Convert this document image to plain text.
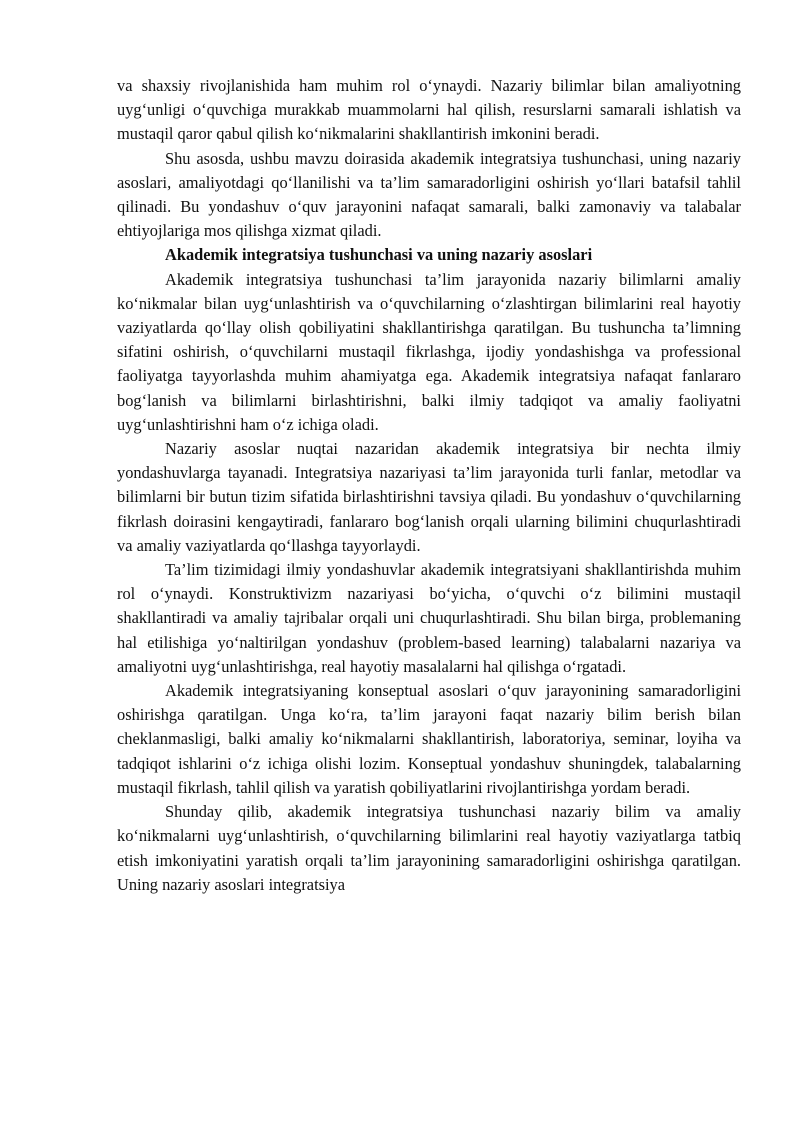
va shaxsiy rivojlanishida ham muhim rol o‘ynaydi. Nazariy bilimlar bilan amaliyotning uyg‘unligi o‘quvchiga murakkab muammolarni hal qilish, resurslarni samarali ishlatish va mustaqil qaror qabul qilish ko‘nikmalarini shakllantirish imkonini beradi.

Shu asosda, ushbu mavzu doirasida akademik integratsiya tushunchasi, uning nazariy asoslari, amaliyotdagi qo‘llanilishi va ta’lim samaradorligini oshirish yo‘llari batafsil tahlil qilinadi. Bu yondashuv o‘quv jarayonini nafaqat samarali, balki zamonaviy va talabalar ehtiyojlariga mos qilishga xizmat qiladi.

Akademik integratsiya tushunchasi va uning nazariy asoslari

Akademik integratsiya tushunchasi ta’lim jarayonida nazariy bilimlarni amaliy ko‘nikmalar bilan uyg‘unlashtirish va o‘quvchilarning o‘zlashtirgan bilimlarini real hayotiy vaziyatlarda qo‘llay olish qobiliyatini shakllantirishga qaratilgan. Bu tushuncha ta’limning sifatini oshirish, o‘quvchilarni mustaqil fikrlashga, ijodiy yondashishga va professional faoliyatga tayyorlashda muhim ahamiyatga ega. Akademik integratsiya nafaqat fanlararo bog‘lanish va bilimlarni birlashtirishni, balki ilmiy tadqiqot va amaliy faoliyatni uyg‘unlashtirishni ham o‘z ichiga oladi.

Nazariy asoslar nuqtai nazaridan akademik integratsiya bir nechta ilmiy yondashuvlarga tayanadi. Integratsiya nazariyasi ta’lim jarayonida turli fanlar, metodlar va bilimlarni bir butun tizim sifatida birlashtirishni tavsiya qiladi. Bu yondashuv o‘quvchilarning fikrlash doirasini kengaytiradi, fanlararo bog‘lanish orqali ularning bilimini chuqurlashtiradi va amaliy vaziyatlarda qo‘llashga tayyorlaydi.

Ta’lim tizimidagi ilmiy yondashuvlar akademik integratsiyani shakllantirishda muhim rol o‘ynaydi. Konstruktivizm nazariyasi bo‘yicha, o‘quvchi o‘z bilimini mustaqil shakllantiradi va amaliy tajribalar orqali uni chuqurlashtiradi. Shu bilan birga, problemaning hal etilishiga yo‘naltirilgan yondashuv (problem-based learning) talabalarni nazariya va amaliyotni uyg‘unlashtirishga, real hayotiy masalalarni hal qilishga o‘rgatadi.

Akademik integratsiyaning konseptual asoslari o‘quv jarayonining samaradorligini oshirishga qaratilgan. Unga ko‘ra, ta’lim jarayoni faqat nazariy bilim berish bilan cheklanmasligi, balki amaliy ko‘nikmalarni shakllantirish, laboratoriya, seminar, loyiha va tadqiqot ishlarini o‘z ichiga olishi lozim. Konseptual yondashuv shuningdek, talabalarning mustaqil fikrlash, tahlil qilish va yaratish qobiliyatlarini rivojlantirishga yordam beradi.

Shunday qilib, akademik integratsiya tushunchasi nazariy bilim va amaliy ko‘nikmalarni uyg‘unlashtirish, o‘quvchilarning bilimlarini real hayotiy vaziyatlarga tatbiq etish imkoniyatini yaratish orqali ta’lim jarayonining samaradorligini oshirishga qaratilgan. Uning nazariy asoslari integratsiya
